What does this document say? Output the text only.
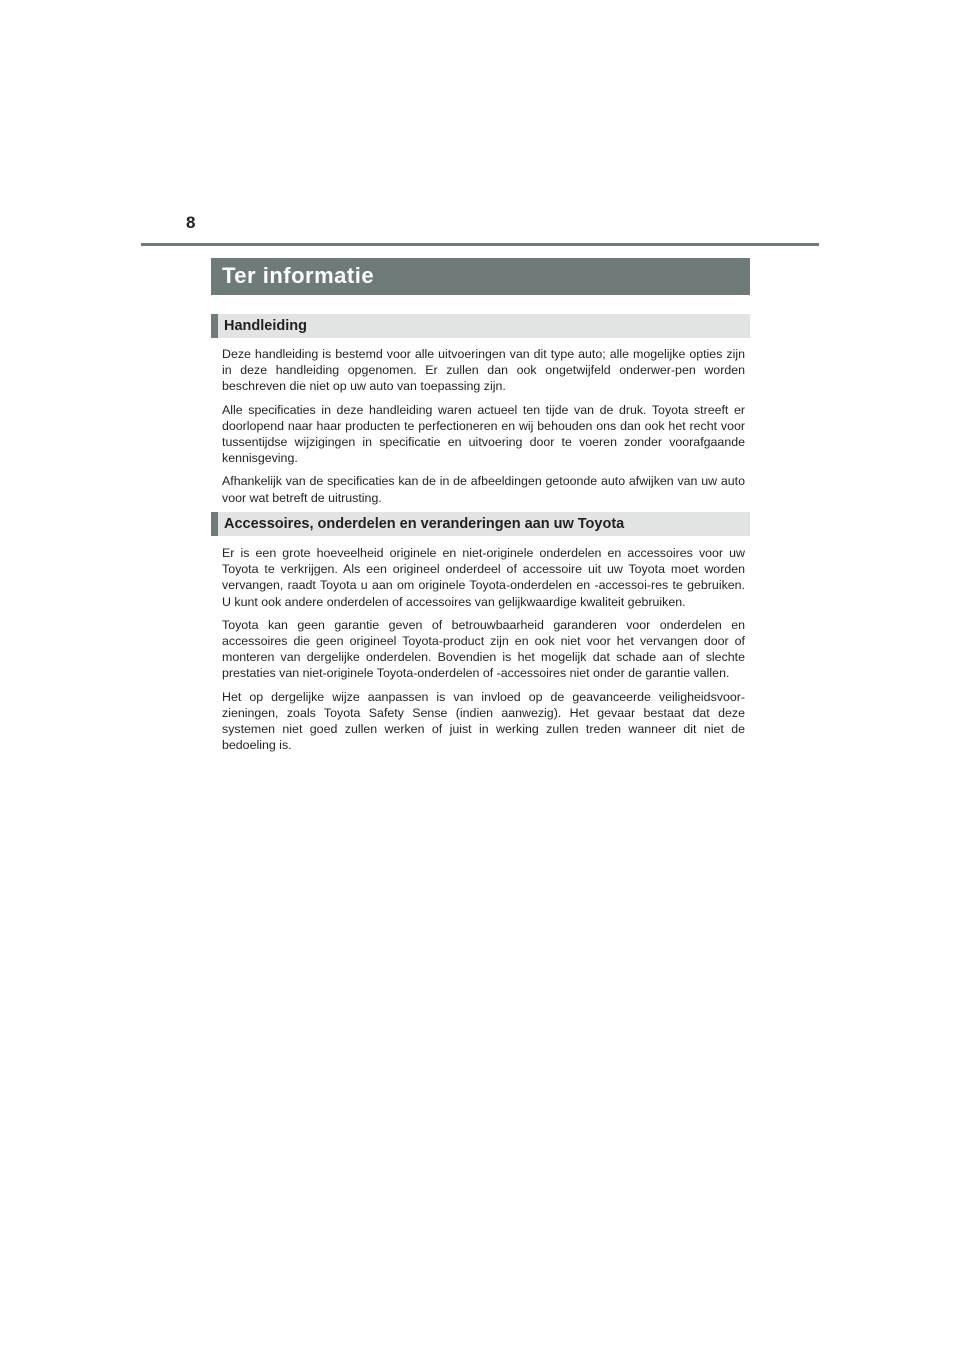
8
Ter informatie
Handleiding

Deze handleiding is bestemd voor alle uitvoeringen van dit type auto; alle mogelijke opties zijn in deze handleiding opgenomen. Er zullen dan ook ongetwijfeld onderwer-pen worden beschreven die niet op uw auto van toepassing zijn.

Alle specificaties in deze handleiding waren actueel ten tijde van de druk. Toyota streeft er doorlopend naar haar producten te perfectioneren en wij behouden ons dan ook het recht voor tussentijdse wijzigingen in specificatie en uitvoering door te voeren zonder voorafgaande kennisgeving.

Afhankelijk van de specificaties kan de in de afbeeldingen getoonde auto afwijken van uw auto voor wat betreft de uitrusting.

Accessoires, onderdelen en veranderingen aan uw Toyota

Er is een grote hoeveelheid originele en niet-originele onderdelen en accessoires voor uw Toyota te verkrijgen. Als een origineel onderdeel of accessoire uit uw Toyota moet worden vervangen, raadt Toyota u aan om originele Toyota-onderdelen en -accessoi-res te gebruiken. U kunt ook andere onderdelen of accessoires van gelijkwaardige kwaliteit gebruiken.

Toyota kan geen garantie geven of betrouwbaarheid garanderen voor onderdelen en accessoires die geen origineel Toyota-product zijn en ook niet voor het vervangen door of monteren van dergelijke onderdelen. Bovendien is het mogelijk dat schade aan of slechte prestaties van niet-originele Toyota-onderdelen of -accessoires niet onder de garantie vallen.

Het op dergelijke wijze aanpassen is van invloed op de geavanceerde veiligheidsvoor-zieningen, zoals Toyota Safety Sense (indien aanwezig). Het gevaar bestaat dat deze systemen niet goed zullen werken of juist in werking zullen treden wanneer dit niet de bedoeling is.
